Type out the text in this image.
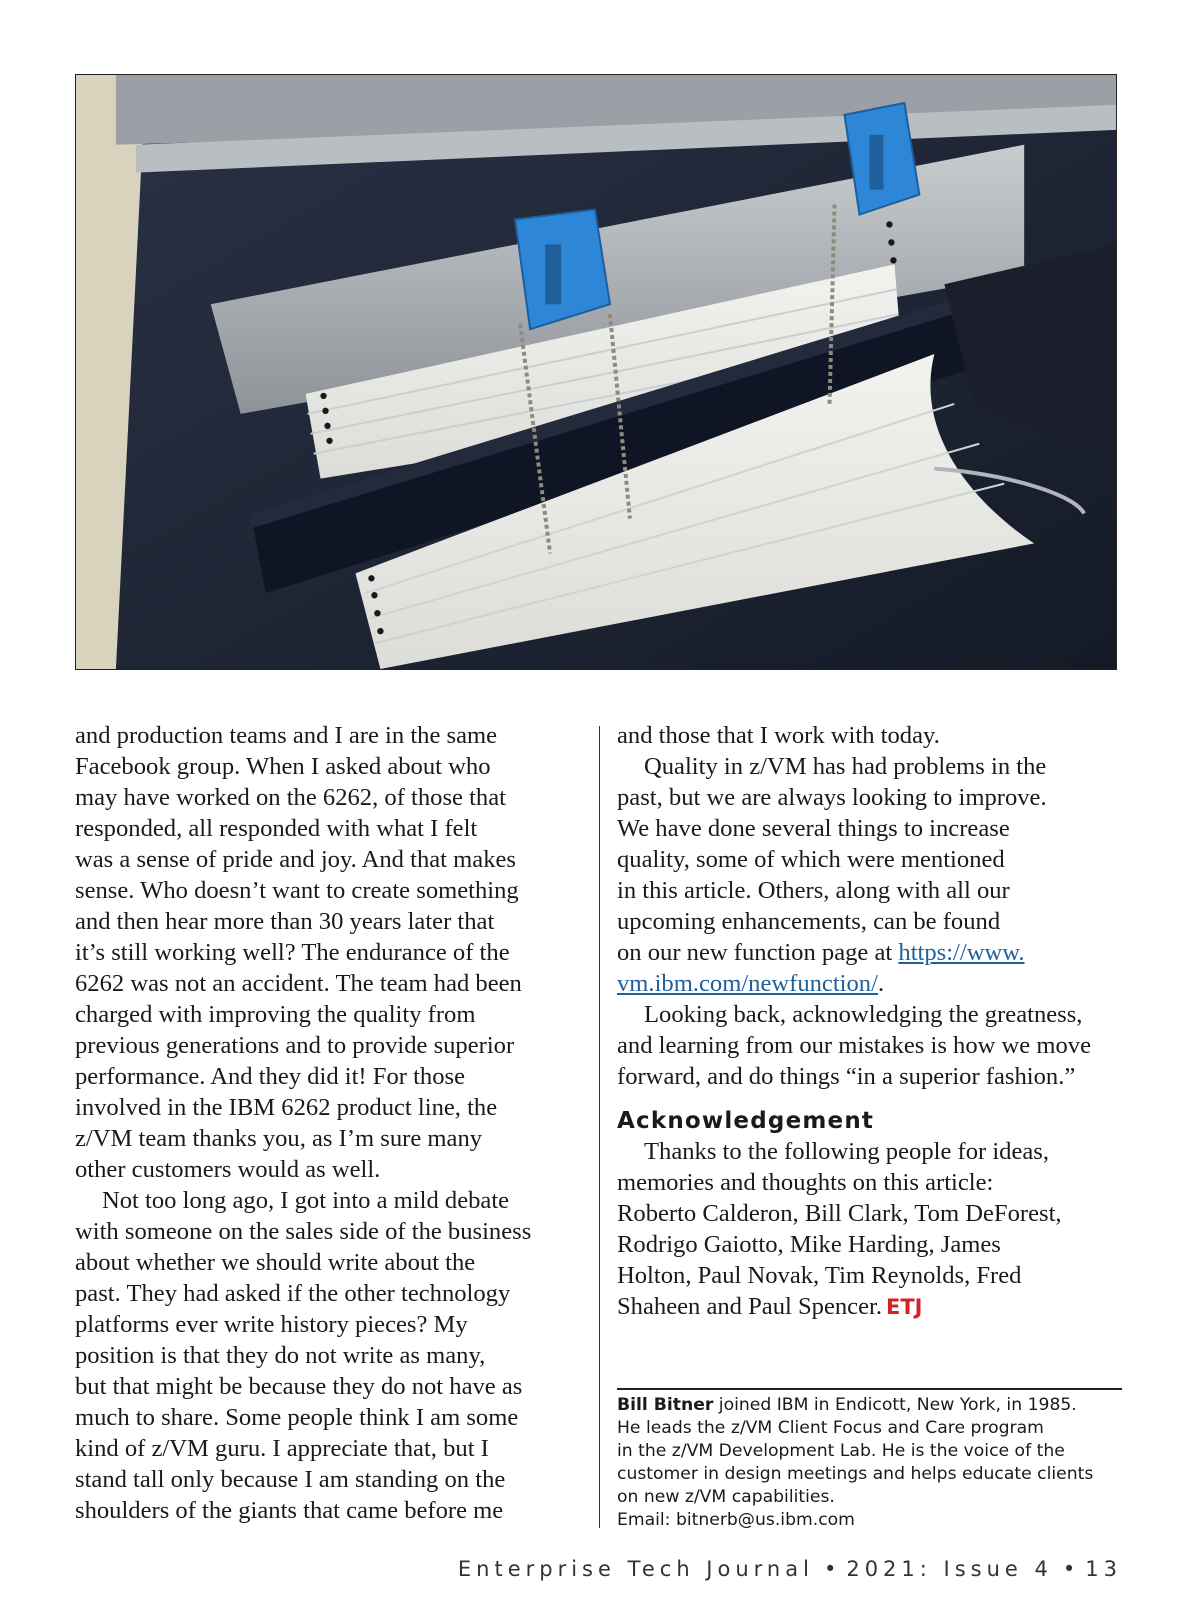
and production teams and I are in the same
Facebook group. When I asked about who
may have worked on the 6262, of those that
responded, all responded with what I felt
was a sense of pride and joy. And that makes
sense. Who doesn’t want to create something
and then hear more than 30 years later that
it’s still working well? The endurance of the
6262 was not an accident. The team had been
charged with improving the quality from
previous generations and to provide superior
performance. And they did it! For those
involved in the IBM 6262 product line, the
z/VM team thanks you, as I’m sure many
other customers would as well.
Not too long ago, I got into a mild debate
with someone on the sales side of the business
about whether we should write about the
past. They had asked if the other technology
platforms ever write history pieces? My
position is that they do not write as many,
but that might be because they do not have as
much to share. Some people think I am some
kind of z/VM guru. I appreciate that, but I
stand tall only because I am standing on the
shoulders of the giants that came before me
and those that I work with today.
Quality in z/VM has had problems in the
past, but we are always looking to improve.
We have done several things to increase
quality, some of which were mentioned
in this article. Others, along with all our
upcoming enhancements, can be found
on our new function page at https://www.
vm.ibm.com/newfunction/.
Looking back, acknowledging the greatness,
and learning from our mistakes is how we move
forward, and do things “in a superior fashion.”
Acknowledgement
Thanks to the following people for ideas,
memories and thoughts on this article:
Roberto Calderon, Bill Clark, Tom DeForest,
Rodrigo Gaiotto, Mike Harding, James
Holton, Paul Novak, Tim Reynolds, Fred
Shaheen and Paul Spencer. ETJ
Bill Bitner joined IBM in Endicott, New York, in 1985.
He leads the z/VM Client Focus and Care program
in the z/VM Development Lab. He is the voice of the
customer in design meetings and helps educate clients
on new z/VM capabilities.
Email: bitnerb@us.ibm.com
Enterprise Tech Journal • 2021: Issue 4 • 13
